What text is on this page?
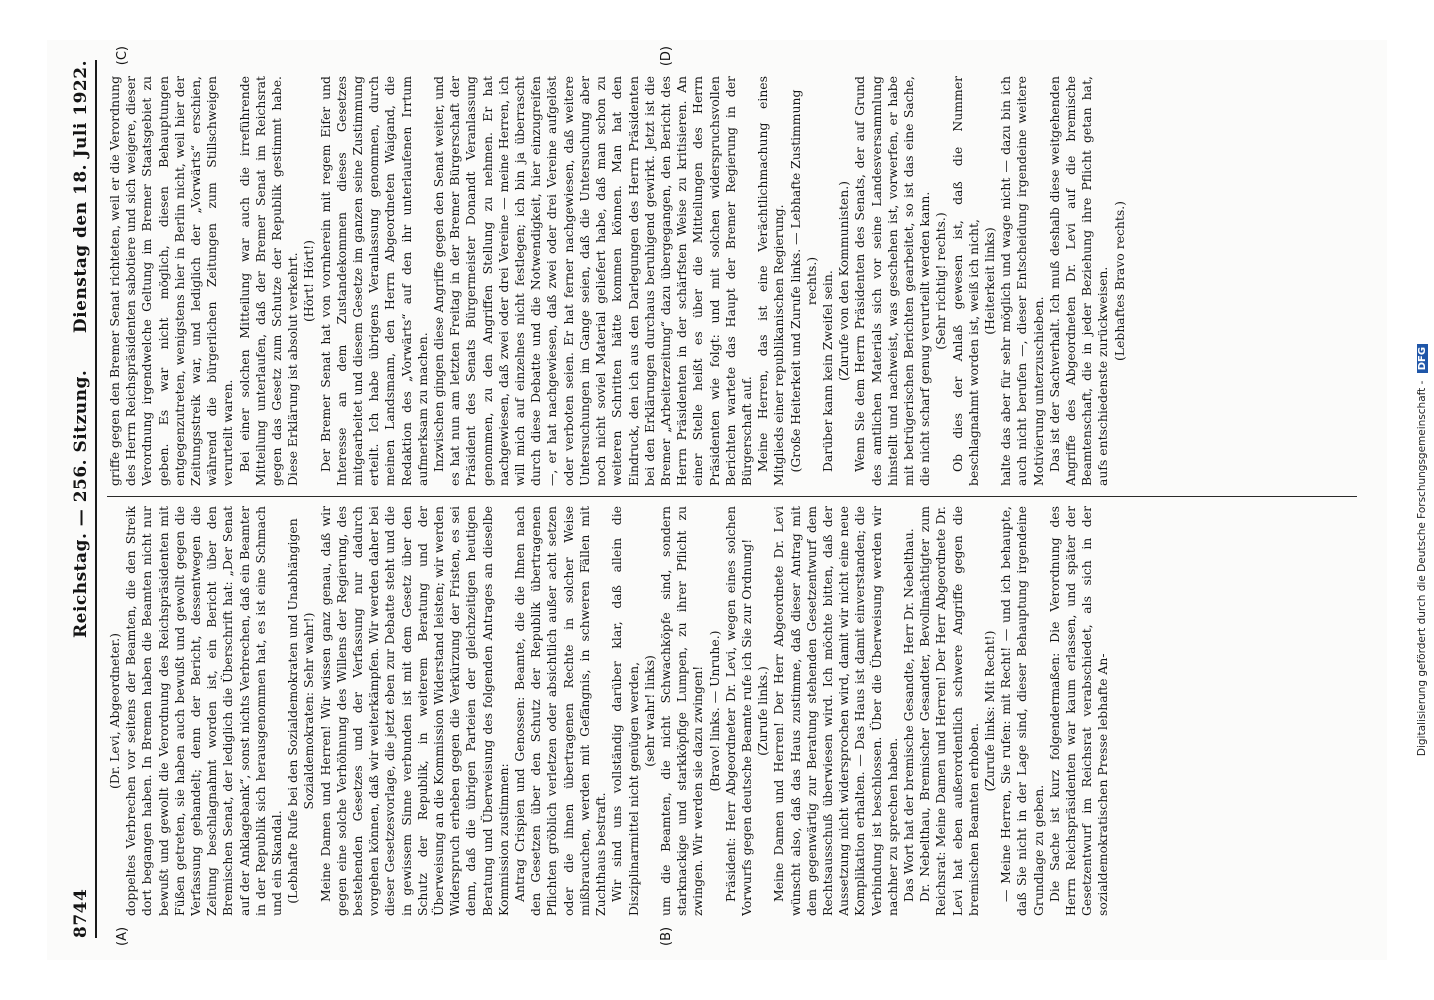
8744
Reichstag. — 256. Sitzung.
Dienstag den 18. Juli 1922.
(A)	(B)
(C)	(D)

(Dr. Levi, Abgeordneter.) doppeltes Verbrechen vor seitens der Beamten, die den Streik dort begangen haben. In Bremen haben die Beamten nicht nur bewußt und gewollt die Verordnung des Reichspräsidenten mit Füßen getreten, sie haben auch bewußt und gewollt gegen die Verfassung gehandelt; denn der Bericht, dessentwegen die Zeitung beschlagnahmt worden ist, ein Bericht über den Bremischen Senat, der lediglich die Überschrift hat: „Der Senat auf der Anklagebank“, sonst nichts Verbrechen, daß ein Beamter in der Republik sich herausgenommen hat, es ist eine Schmach und ein Skandal. (Lebhafte Rufe bei den Sozialdemokraten und Unabhängigen Sozialdemokraten: Sehr wahr!) Meine Damen und Herren! Wir wissen ganz genau, daß wir gegen eine solche Verhöhnung des Willens der Regierung, des bestehenden Gesetzes und der Verfassung nur dadurch vorgehen können, daß wir weiterkämpfen. Wir werden daher bei dieser Gesetzesvorlage, die jetzt eben zur Debatte steht und die in gewissem Sinne verbunden ist mit dem Gesetz über den Schutz der Republik, in weiterem Beratung und der Überweisung an die Kommission Widerstand leisten; wir werden Widerspruch erheben gegen die Verkürzung der Fristen, es sei denn, daß die übrigen Parteien der gleichzeitigen heutigen Beratung und Überweisung des folgenden Antrages an dieselbe Kommission zustimmen: Antrag Crispien und Genossen: Beamte, die die Ihnen nach den Gesetzen über den Schutz der Republik übertragenen Pflichten gröblich verletzen oder absichtlich außer acht setzen oder die ihnen übertragenen Rechte in solcher Weise mißbrauchen, werden mit Gefängnis, in schweren Fällen mit Zuchthaus bestraft. Wir sind uns vollständig darüber klar, daß allein die Disziplinarmittel nicht genügen werden, (sehr wahr! links) um die Beamten, die nicht Schwachköpfe sind, sondern starknackige und starkköpfige Lumpen, zu ihrer Pflicht zu zwingen. Wir werden sie dazu zwingen! (Bravo! links. — Unruhe.) Präsident: Herr Abgeordneter Dr. Levi, wegen eines solchen Vorwurfs gegen deutsche Beamte rufe ich Sie zur Ordnung! (Zurufe links.) Meine Damen und Herren! Der Herr Abgeordnete Dr. Levi wünscht also, daß das Haus zustimme, daß dieser Antrag mit dem gegenwärtig zur Beratung stehenden Gesetzentwurf dem Rechtsausschuß überwiesen wird. Ich möchte bitten, daß der Aussetzung nicht widersprochen wird, damit wir nicht eine neue Komplikation erhalten. — Das Haus ist damit einverstanden; die Verbindung ist beschlossen. Über die Überweisung werden wir nachher zu sprechen haben. Das Wort hat der bremische Gesandte, Herr Dr. Nebelthau. Dr. Nebelthau, Bremischer Gesandter, Bevollmächtigter zum Reichsrat: Meine Damen und Herren! Der Herr Abgeordnete Dr. Levi hat eben außerordentlich schwere Angriffe gegen die bremischen Beamten erhoben.

(Zurufe links: Mit Recht!) — Meine Herren, Sie rufen: mit Recht! — und ich behaupte, daß Sie nicht in der Lage sind, dieser Behauptung irgendeine Grundlage zu geben. Die Sache ist kurz folgendermaßen: Die Verordnung des Herrn Reichspräsidenten war kaum erlassen, und später der Gesetzentwurf im Reichsrat verabschiedet, als sich in der sozialdemokratischen Presse lebhafte An-

griffe gegen den Bremer Senat richteten, weil er die Verordnung des Herrn Reichspräsidenten sabotiere und sich weigere, dieser Verordnung irgendwelche Geltung im Bremer Staatsgebiet zu geben. Es war nicht möglich, diesen Behauptungen entgegenzutreten, wenigstens hier in Berlin nicht, weil hier der Zeitungsstreik war, und lediglich der „Vorwärts“ erschien, während die bürgerlichen Zeitungen zum Stillschweigen verurteilt waren. Bei einer solchen Mitteilung war auch die irreführende Mitteilung unterlaufen, daß der Bremer Senat im Reichsrat gegen das Gesetz zum Schutze der Republik gestimmt habe. Diese Erklärung ist absolut verkehrt. (Hört! Hört!) Der Bremer Senat hat von vornherein mit regem Eifer und Interesse an dem Zustandekommen dieses Gesetzes mitgearbeitet und diesem Gesetze im ganzen seine Zustimmung erteilt. Ich habe übrigens Veranlassung genommen, durch meinen Landsmann, den Herrn Abgeordneten Waigand, die Redaktion des „Vorwärts“ auf den ihr unterlaufenen Irrtum aufmerksam zu machen. Inzwischen gingen diese Angriffe gegen den Senat weiter, und es hat nun am letzten Freitag in der Bremer Bürgerschaft der Präsident des Senats Bürgermeister Donandt Veranlassung genommen, zu den Angriffen Stellung zu nehmen. Er hat nachgewiesen, daß zwei oder drei Vereine — meine Herren, ich will mich auf einzelnes nicht festlegen; ich bin ja überrascht durch diese Debatte und die Notwendigkeit, hier einzugreifen —, er hat nachgewiesen, daß zwei oder drei Vereine aufgelöst oder verboten seien. Er hat ferner nachgewiesen, daß weitere Untersuchungen im Gange seien, daß die Untersuchung aber noch nicht soviel Material geliefert habe, daß man schon zu weiteren Schritten hätte kommen können. Man hat den Eindruck, den ich aus den Darlegungen des Herrn Präsidenten bei den Erklärungen durchaus beruhigend gewirkt. Jetzt ist die Bremer „Arbeiterzeitung“ dazu übergegangen, den Bericht des Herrn Präsidenten in der schärfsten Weise zu kritisieren. An einer Stelle heißt es über die Mitteilungen des Herrn Präsidenten wie folgt: und mit solchen widerspruchsvollen Berichten wartete das Haupt der Bremer Regierung in der Bürgerschaft auf. Meine Herren, das ist eine Verächtlichmachung eines Mitglieds einer republikanischen Regierung. (Große Heiterkeit und Zurufe links. — Lebhafte Zustimmung rechts.) Darüber kann kein Zweifel sein. (Zurufe von den Kommunisten.) Wenn Sie dem Herrn Präsidenten des Senats, der auf Grund des amtlichen Materials sich vor seine Landesversammlung hinstellt und nachweist, was geschehen ist, vorwerfen, er habe mit betrügerischen Berichten gearbeitet, so ist das eine Sache, die nicht scharf genug verurteilt werden kann. (Sehr richtig! rechts.) Ob dies der Anlaß gewesen ist, daß die Nummer beschlagnahmt worden ist, weiß ich nicht, (Heiterkeit links) halte das aber für sehr möglich und wage nicht — dazu bin ich auch nicht berufen —, dieser Entscheidung irgendeine weitere Motivierung unterzuschieben. Das ist der Sachverhalt. Ich muß deshalb diese weitgehenden Angriffe des Abgeordneten Dr. Levi auf die bremische Beamtenschaft, die in jeder Beziehung ihre Pflicht getan hat, aufs entschiedenste zurückweisen. (Lebhaftes Bravo rechts.)

Digitalisierung gefördert durch die Deutsche Forschungsgemeinschaft - DFG
